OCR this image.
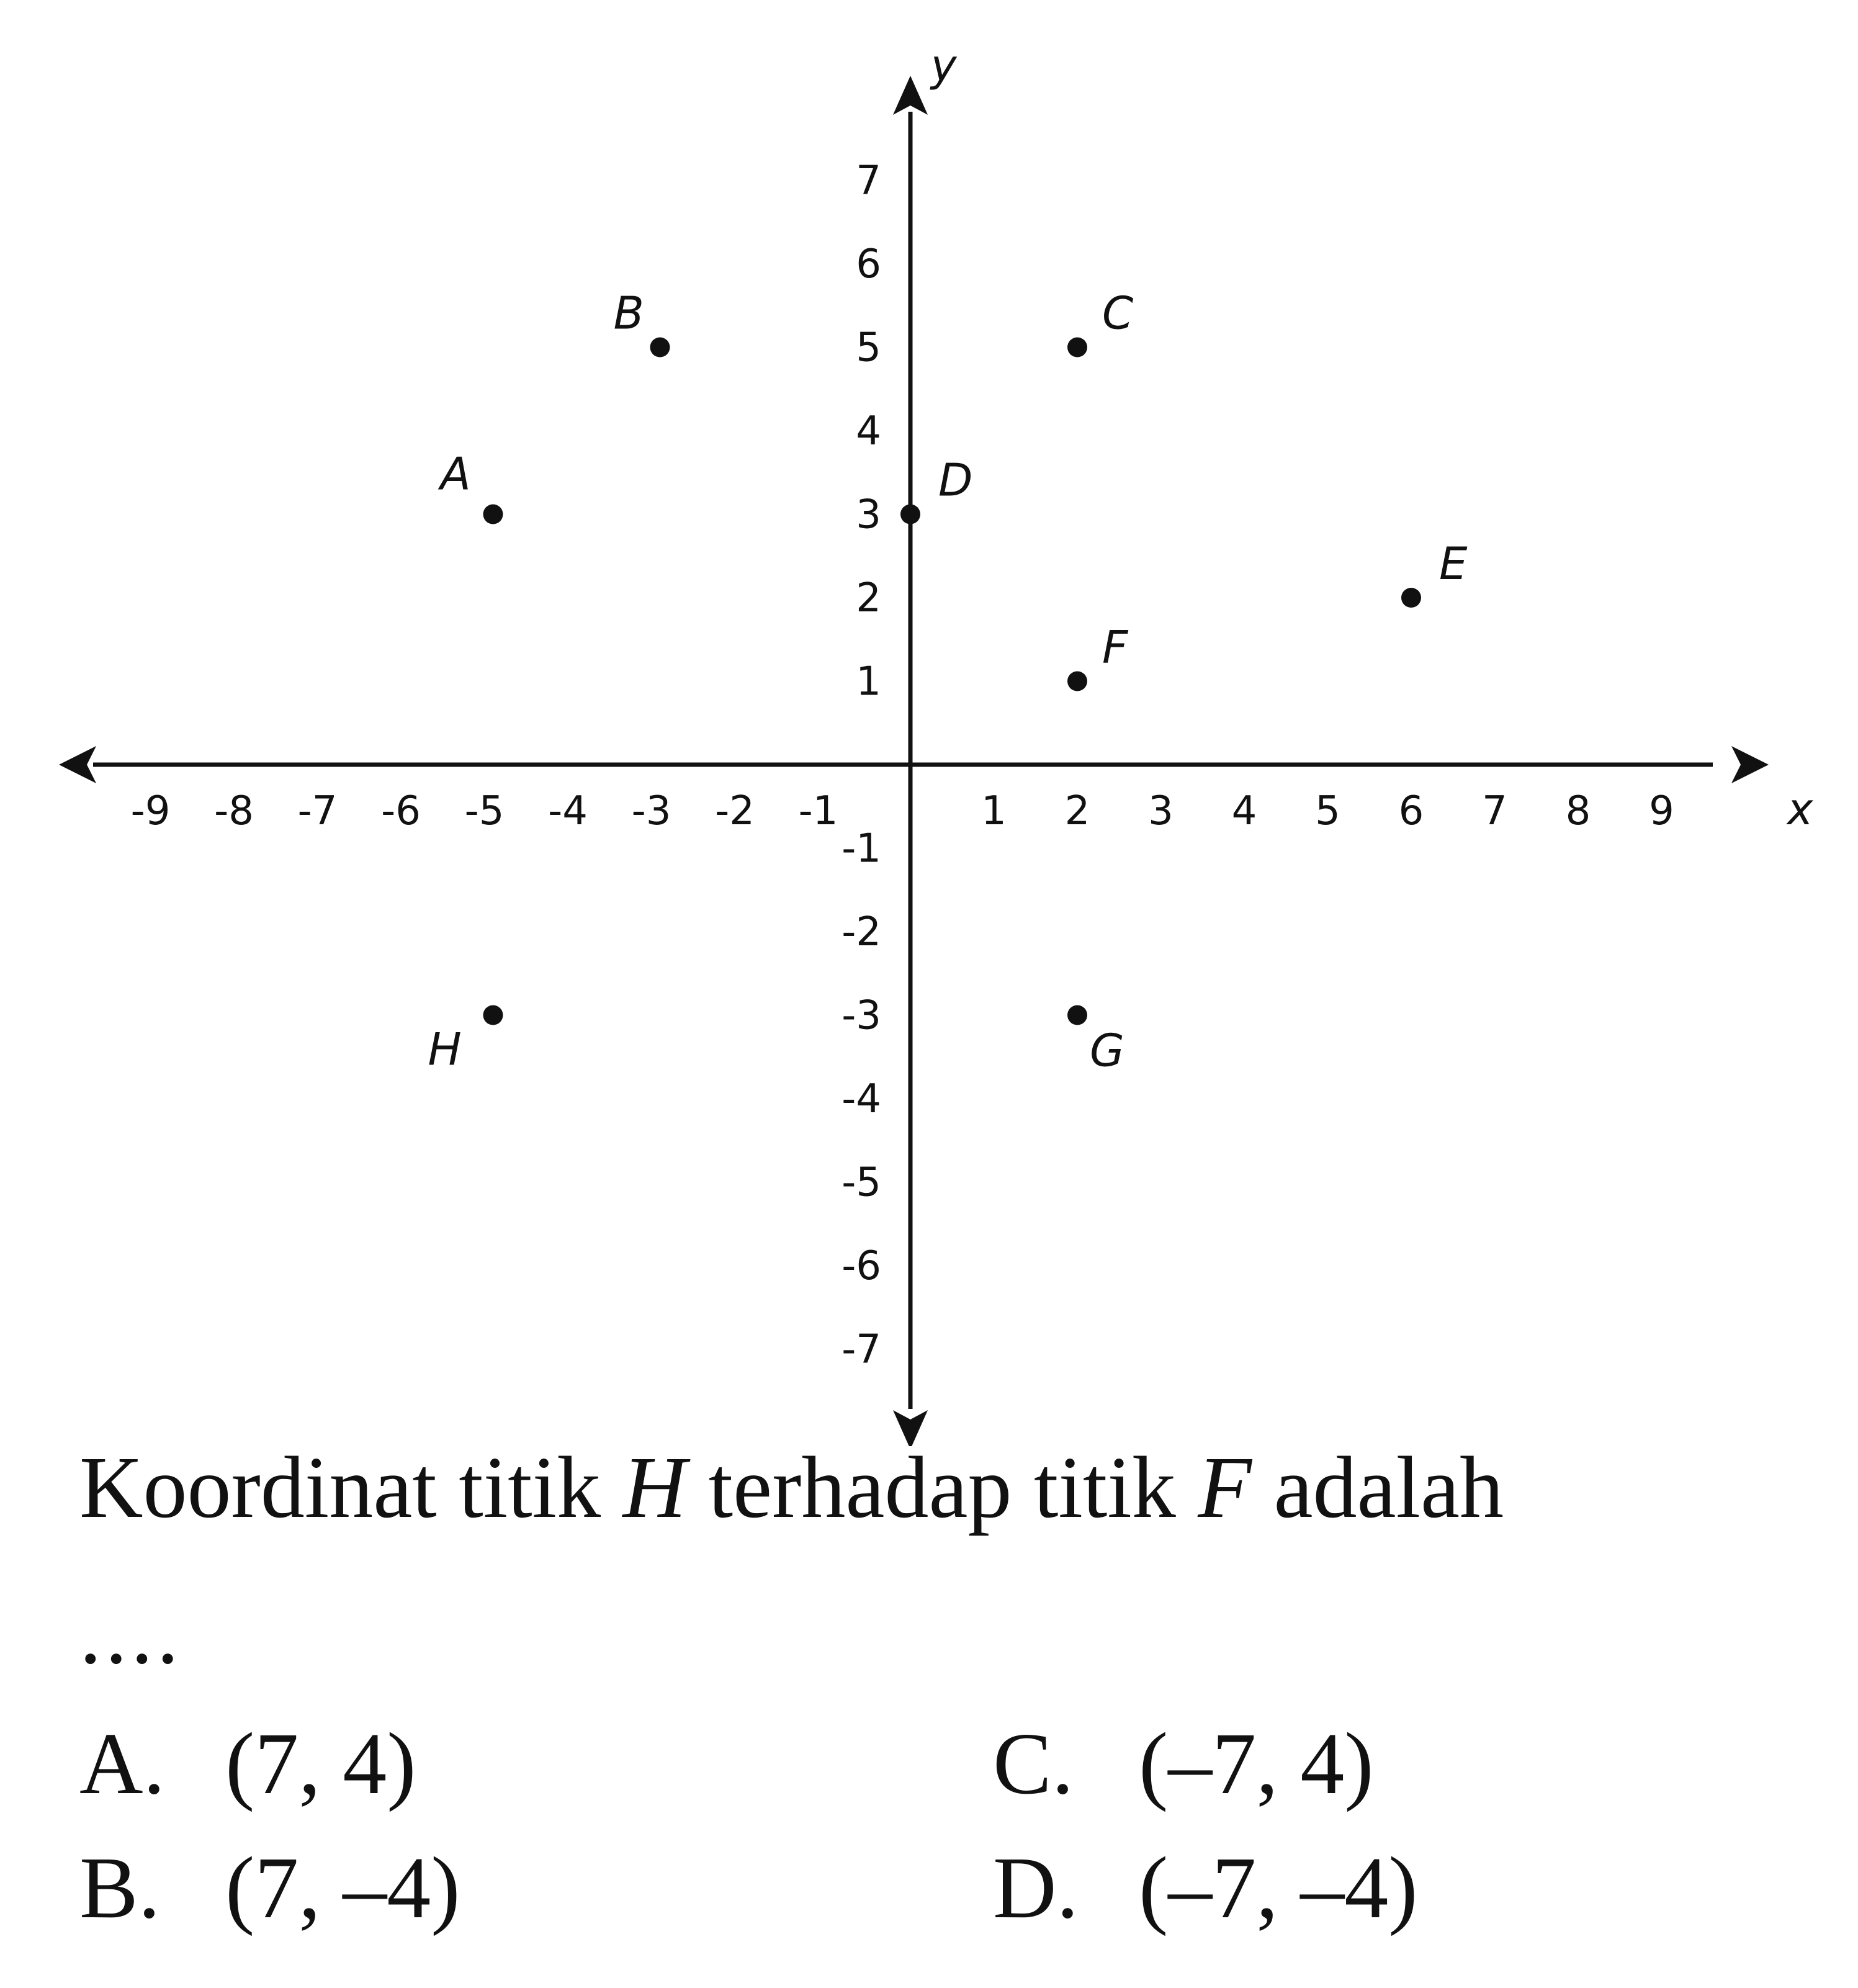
-9 -8 -7 -6 -5 -4 -3 -2 -1	1 2 3 4 5 6 7 8 9
7
6
5
4
3
2
1
-1
-2
-3
-4
-5
-6
-7
A
B	C
D
E
F
G
H
x
y
Koordinat titik H terhadap titik F adalah
....
A. (7, 4)
B. (7, –4)
C. (–7, 4)
D. (–7, –4)
